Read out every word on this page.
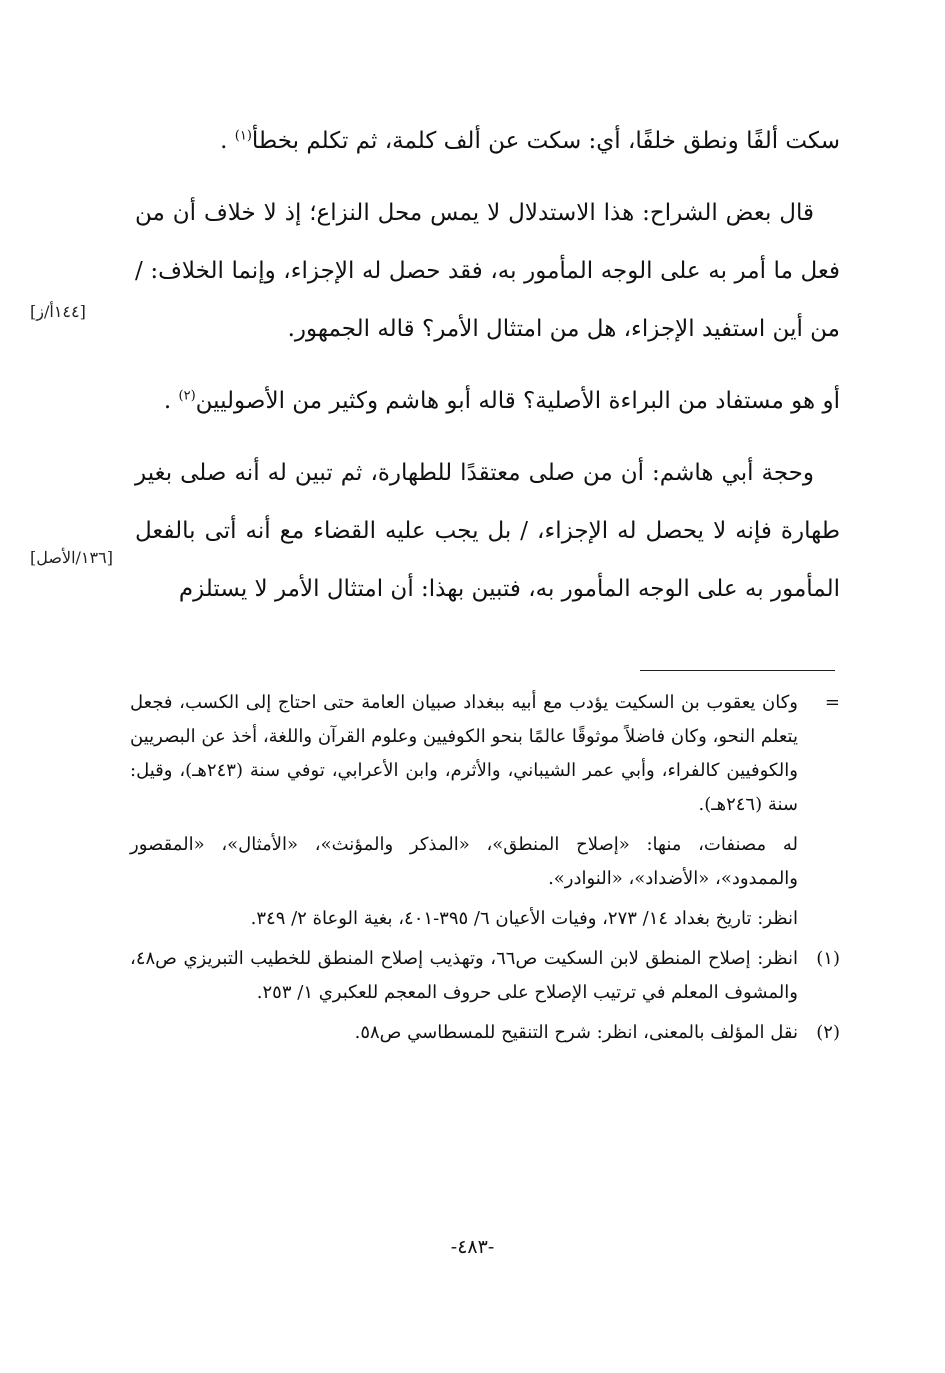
سكت ألفًا ونطق خلفًا، أي: سكت عن ألف كلمة، ثم تكلم بخطأ$^{(١)}$ .

قال بعض الشراح: هذا الاستدلال لا يمس محل النزاع؛ إذ لا خلاف أن من فعل ما أمر به على الوجه المأمور به، فقد حصل له الإجزاء، وإنما الخلاف: / من أين استفيد الإجزاء، هل من امتثال الأمر؟ قاله الجمهور.

أو هو مستفاد من البراءة الأصلية؟ قاله أبو هاشم وكثير من الأصوليين$^{(٢)}$ .

وحجة أبي هاشم: أن من صلى معتقدًا للطهارة، ثم تبين له أنه صلى بغير طهارة فإنه لا يحصل له الإجزاء، / بل يجب عليه القضاء مع أنه أتى بالفعل المأمور به على الوجه المأمور به، فتبين بهذا: أن امتثال الأمر لا يستلزم

[١٤٤أ/ز]
[١٣٦/الأصل]
=
وكان يعقوب بن السكيت يؤدب مع أبيه ببغداد صبيان العامة حتى احتاج إلى الكسب، فجعل يتعلم النحو، وكان فاضلاً موثوقًا عالمًا بنحو الكوفيين وعلوم القرآن واللغة، أخذ عن البصريين والكوفيين كالفراء، وأبي عمر الشيباني، والأثرم، وابن الأعرابي، توفي سنة (٢٤٣هـ)، وقيل: سنة (٢٤٦هـ).
له مصنفات، منها: «إصلاح المنطق»، «المذكر والمؤنث»، «الأمثال»، «المقصور والممدود»، «الأضداد»، «النوادر».
انظر: تاريخ بغداد ١٤/ ٢٧٣، وفيات الأعيان ٦/ ٣٩٥-٤٠١، بغية الوعاة ٢/ ٣٤٩.
(١)
انظر: إصلاح المنطق لابن السكيت ص٦٦، وتهذيب إصلاح المنطق للخطيب التبريزي ص٤٨، والمشوف المعلم في ترتيب الإصلاح على حروف المعجم للعكبري ١/ ٢٥٣.
(٢)
نقل المؤلف بالمعنى، انظر: شرح التنقيح للمسطاسي ص٥٨.
-٤٨٣-
